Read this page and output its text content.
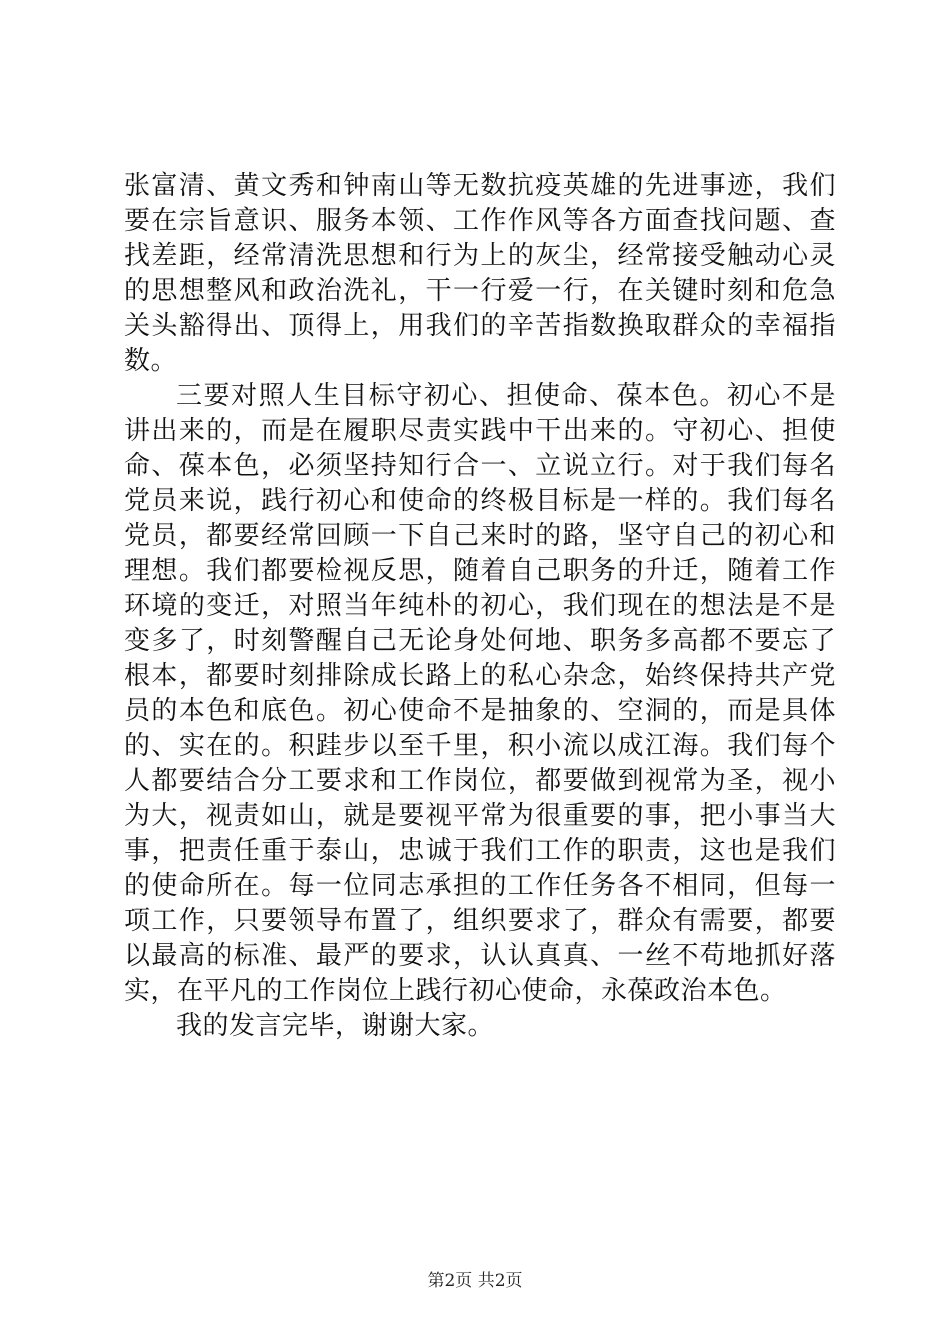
张富清、黄文秀和钟南山等无数抗疫英雄的先进事迹，我们要在宗旨意识、服务本领、工作作风等各方面查找问题、查找差距，经常清洗思想和行为上的灰尘，经常接受触动心灵的思想整风和政治洗礼，干一行爱一行，在关键时刻和危急关头豁得出、顶得上，用我们的辛苦指数换取群众的幸福指数。

三要对照人生目标守初心、担使命、葆本色。初心不是讲出来的，而是在履职尽责实践中干出来的。守初心、担使命、葆本色，必须坚持知行合一、立说立行。对于我们每名党员来说，践行初心和使命的终极目标是一样的。我们每名党员，都要经常回顾一下自己来时的路，坚守自己的初心和理想。我们都要检视反思，随着自己职务的升迁，随着工作环境的变迁，对照当年纯朴的初心，我们现在的想法是不是变多了，时刻警醒自己无论身处何地、职务多高都不要忘了根本，都要时刻排除成长路上的私心杂念，始终保持共产党员的本色和底色。初心使命不是抽象的、空洞的，而是具体的、实在的。积跬步以至千里，积小流以成江海。我们每个人都要结合分工要求和工作岗位，都要做到视常为圣，视小为大，视责如山，就是要视平常为很重要的事，把小事当大事，把责任重于泰山，忠诚于我们工作的职责，这也是我们的使命所在。每一位同志承担的工作任务各不相同，但每一项工作，只要领导布置了，组织要求了，群众有需要，都要以最高的标准、最严的要求，认认真真、一丝不苟地抓好落实，在平凡的工作岗位上践行初心使命，永葆政治本色。

我的发言完毕，谢谢大家。

第2页 共2页
